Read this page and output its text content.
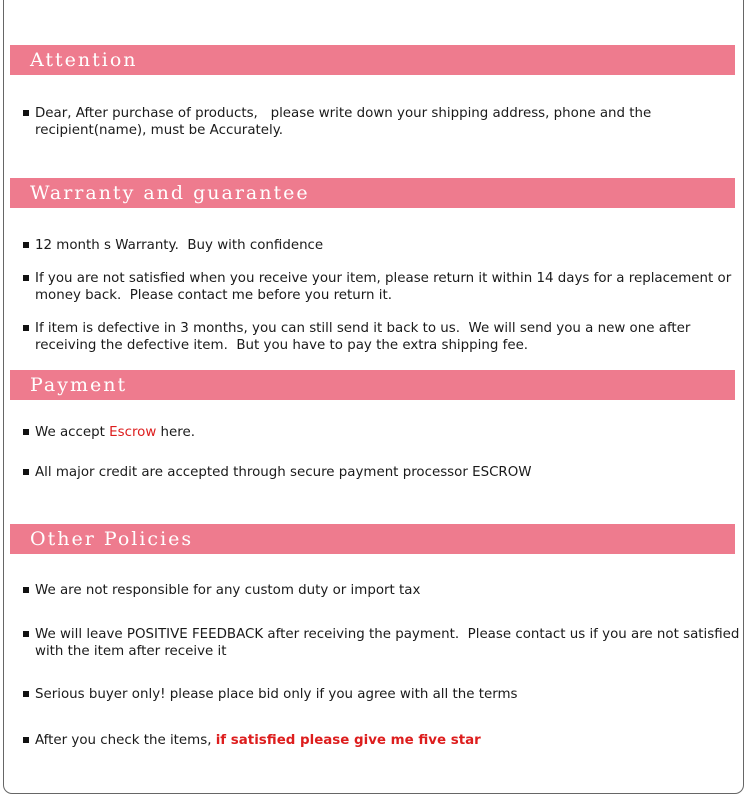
Attention
Dear, After purchase of products,   please write down your shipping address, phone and the recipient(name), must be Accurately.
Warranty and guarantee
12 month s Warranty.  Buy with confidence
If you are not satisfied when you receive your item, please return it within 14 days for a replacement or money back.  Please contact me before you return it.
If item is defective in 3 months, you can still send it back to us.  We will send you a new one after receiving the defective item.  But you have to pay the extra shipping fee.
Payment
We accept Escrow here.
All major credit are accepted through secure payment processor ESCROW
Other Policies
We are not responsible for any custom duty or import tax
We will leave POSITIVE FEEDBACK after receiving the payment.  Please contact us if you are not satisfied with the item after receive it
Serious buyer only! please place bid only if you agree with all the terms
After you check the items, if satisfied please give me five star
